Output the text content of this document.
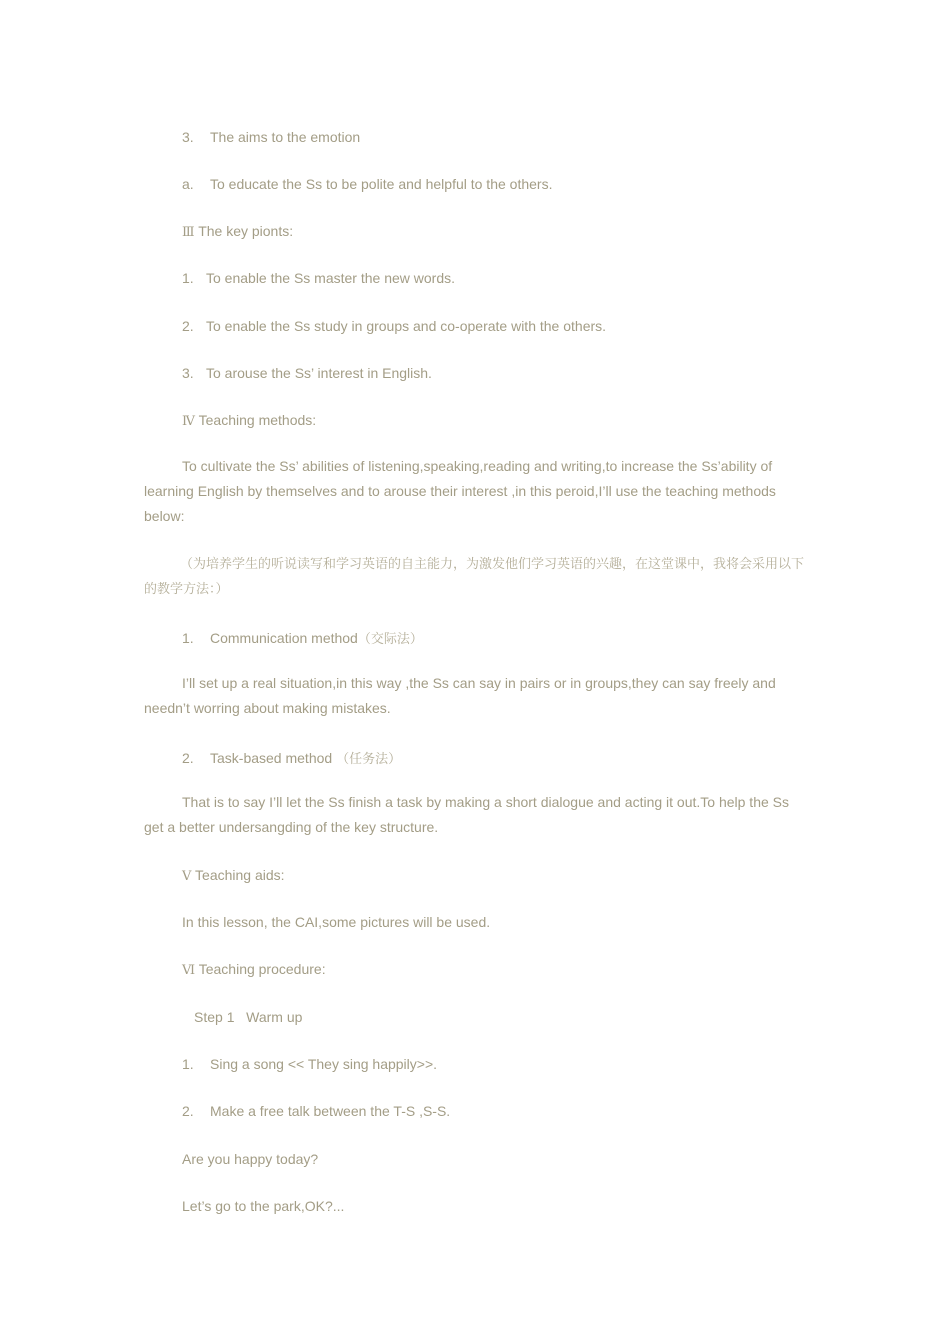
3. The aims to the emotion
a. To educate the Ss to be polite and helpful to the others.
Ⅲ The key pionts:
1. To enable the Ss master the new words.
2. To enable the Ss study in groups and co-operate with the others.
3. To arouse the Ss’ interest in English.
Ⅳ Teaching methods:
To cultivate the Ss’ abilities of listening,speaking,reading and writing,to increase the Ss’ability of learning English by themselves and to arouse their interest ,in this peroid,I’ll use the teaching methods below:
（为培养学生的听说读写和学习英语的自主能力，为激发他们学习英语的兴趣，在这堂课中，我将会采用以下的教学方法：）
1. Communication method（交际法）
I’ll set up a real situation,in this way ,the Ss can say in pairs or in groups,they can say freely and needn’t worring about making mistakes.
2. Task-based method （任务法）
That is to say I’ll let the Ss finish a task by making a short dialogue and acting it out.To help the Ss get a better undersangding of the key structure.
Ⅴ Teaching aids:
In this lesson, the CAI,some pictures will be used.
Ⅵ Teaching procedure:
Step 1   Warm up
1. Sing a song << They sing happily>>.
2. Make a free talk between the T-S ,S-S.
Are you happy today?
Let’s go to the park,OK?...
